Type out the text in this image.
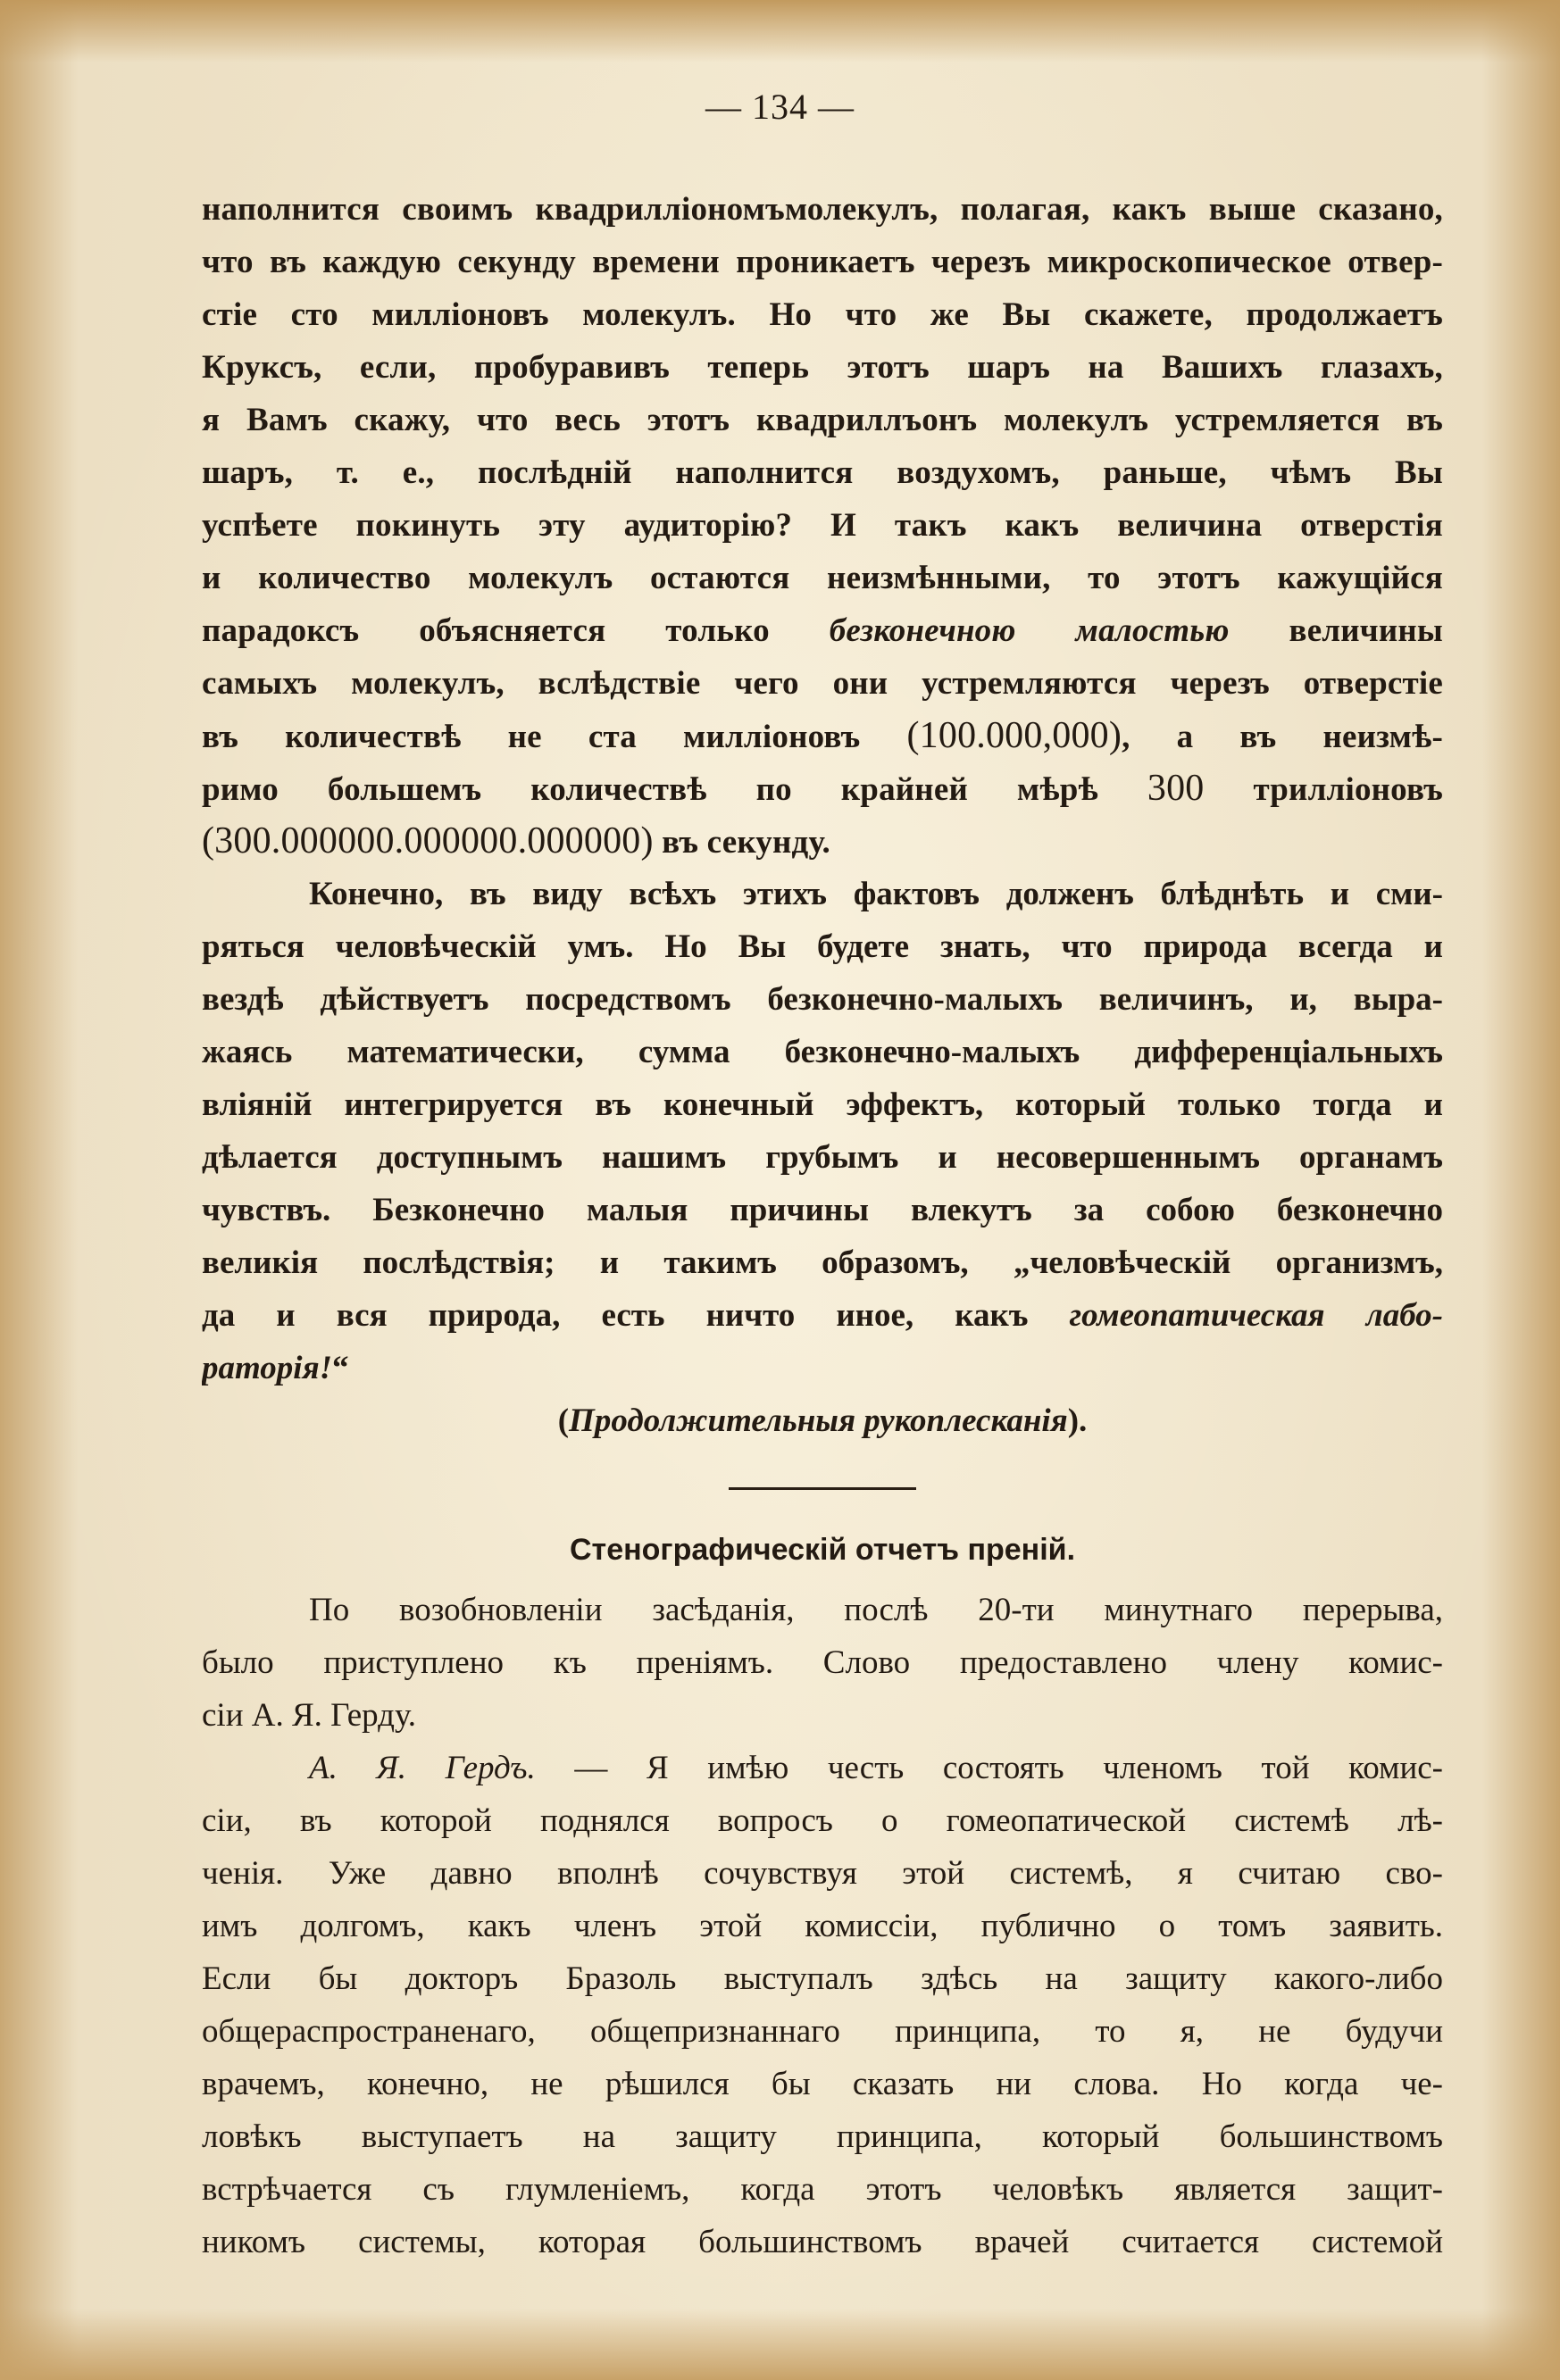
— 134 —
наполнится своимъ квадрилліономъмолекулъ, полагая, какъ выше сказано,
что въ каждую секунду времени проникаетъ черезъ микроскопическое отвер-
стіе сто милліоновъ молекулъ. Но что же Вы скажете, продолжаетъ
Круксъ, если, пробуравивъ теперь этотъ шаръ на Вашихъ глазахъ,
я Вамъ скажу, что весь этотъ квадриллъонъ молекулъ устремляется въ
шаръ, т. е., послѣдній наполнится воздухомъ, раньше, чѣмъ Вы
успѣете покинуть эту аудиторію? И такъ какъ величина отверстія
и количество молекулъ остаются неизмѣнными, то этотъ кажущійся
парадоксъ объясняется только безконечною малостью величины
самыхъ молекулъ, вслѣдствіе чего они устремляются черезъ отверстіе
въ количествѣ не ста милліоновъ (100.000,000), а въ неизмѣ-
римо большемъ количествѣ по крайней мѣрѣ 300 трилліоновъ
(300.000000.000000.000000) въ секунду.
Конечно, въ виду всѣхъ этихъ фактовъ долженъ блѣднѣть и сми-
ряться человѣческій умъ. Но Вы будете знать, что природа всегда и
вездѣ дѣйствуетъ посредствомъ безконечно-малыхъ величинъ, и, выра-
жаясь математически, сумма безконечно-малыхъ дифференціальныхъ
вліяній интегрируется въ конечный эффектъ, который только тогда и
дѣлается доступнымъ нашимъ грубымъ и несовершеннымъ органамъ
чувствъ. Безконечно малыя причины влекутъ за собою безконечно
великія послѣдствія; и такимъ образомъ, „человѣческій организмъ,
да и вся природа, есть ничто иное, какъ гомеопатическая лабо-
раторія!“
(Продолжительныя рукоплесканія).
Стенографическій отчетъ преній.
По возобновленіи засѣданія, послѣ 20-ти минутнаго перерыва,
было приступлено къ преніямъ. Слово предоставлено члену комис-
сіи А. Я. Герду.
А. Я. Гердъ. — Я имѣю честь состоять членомъ той комис-
сіи, въ которой поднялся вопросъ о гомеопатической системѣ лѣ-
ченія. Уже давно вполнѣ сочувствуя этой системѣ, я считаю сво-
имъ долгомъ, какъ членъ этой комиссіи, публично о томъ заявить.
Если бы докторъ Бразоль выступалъ здѣсь на защиту какого-либо
общераспространенаго, общепризнаннаго принципа, то я, не будучи
врачемъ, конечно, не рѣшился бы сказать ни слова. Но когда че-
ловѣкъ выступаетъ на защиту принципа, который большинствомъ
встрѣчается съ глумленіемъ, когда этотъ человѣкъ является защит-
никомъ системы, которая большинствомъ врачей считается системой
